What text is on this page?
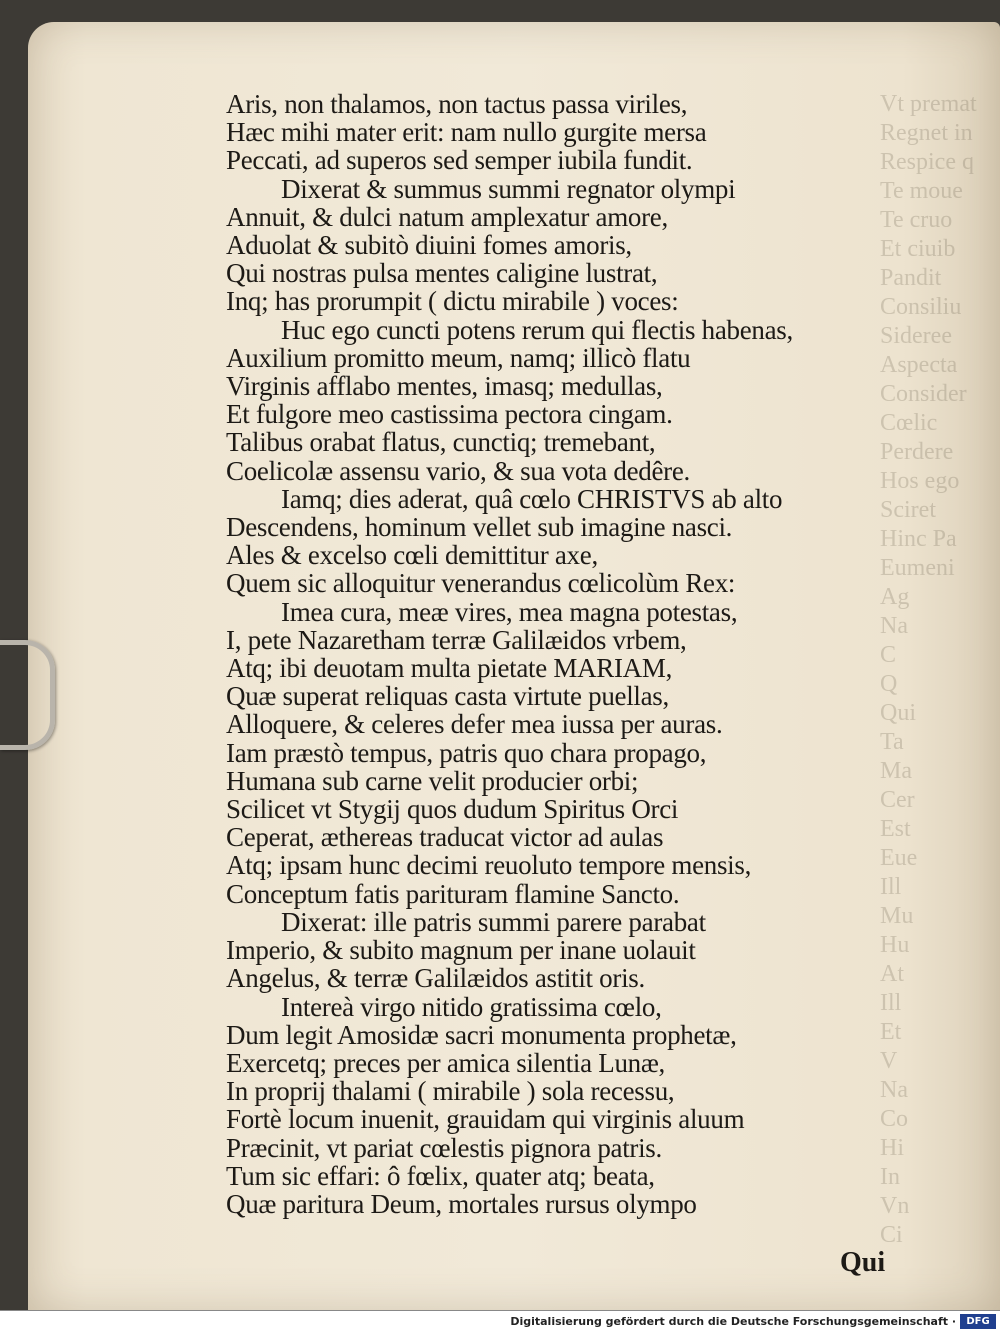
Vt premat
Regnet in
Respice q
Te moue
Te cruo
Et ciuib
Pandit
Consiliu
Sideree
Aspecta
Consider
Cœlic
Perdere
Hos ego
Sciret
Hinc Pa
Eumeni
Ag
Na
C
Q
Qui
Ta
Ma
Cer
Est
Eue
Ill
Mu
Hu
At
Ill
Et
V
Na
Co
Hi
In
Vn
Ci
Aris, non thalamos, non tactus passa viriles,
Hæc mihi mater erit: nam nullo gurgite mersa
Peccati, ad superos sed semper iubila fundit.
Dixerat & summus summi regnator olympi
Annuit, & dulci natum amplexatur amore,
Aduolat & subitò diuini fomes amoris,
Qui nostras pulsa mentes caligine lustrat,
Inq; has prorumpit ( dictu mirabile ) voces:
Huc ego cuncti potens rerum qui flectis habenas,
Auxilium promitto meum, namq; illicò flatu
Virginis afflabo mentes, imasq; medullas,
Et fulgore meo castissima pectora cingam.
Talibus orabat flatus, cunctiq; tremebant,
Coelicolæ assensu vario, & sua vota dedêre.
Iamq; dies aderat, quâ cœlo CHRISTVS ab alto
Descendens, hominum vellet sub imagine nasci.
Ales & excelso cœli demittitur axe,
Quem sic alloquitur venerandus cœlicolùm Rex:
Imea cura, meæ vires, mea magna potestas,
I, pete Nazaretham terræ Galilæidos vrbem,
Atq; ibi deuotam multa pietate MARIAM,
Quæ superat reliquas casta virtute puellas,
Alloquere, & celeres defer mea iussa per auras.
Iam præstò tempus, patris quo chara propago,
Humana sub carne velit producier orbi;
Scilicet vt Stygij quos dudum Spiritus Orci
Ceperat, æthereas traducat victor ad aulas
Atq; ipsam hunc decimi reuoluto tempore mensis,
Conceptum fatis parituram flamine Sancto.
Dixerat: ille patris summi parere parabat
Imperio, & subito magnum per inane uolauit
Angelus, & terræ Galilæidos astitit oris.
Intereà virgo nitido gratissima cœlo,
Dum legit Amosidæ sacri monumenta prophetæ,
Exercetq; preces per amica silentia Lunæ,
In proprij thalami ( mirabile ) sola recessu,
Fortè locum inuenit, grauidam qui virginis aluum
Præcinit, vt pariat cœlestis pignora patris.
Tum sic effari: ô fœlix, quater atq; beata,
Quæ paritura Deum, mortales rursus olympo
Qui
Digitalisierung gefördert durch die Deutsche Forschungsgemeinschaft ·	DFG
